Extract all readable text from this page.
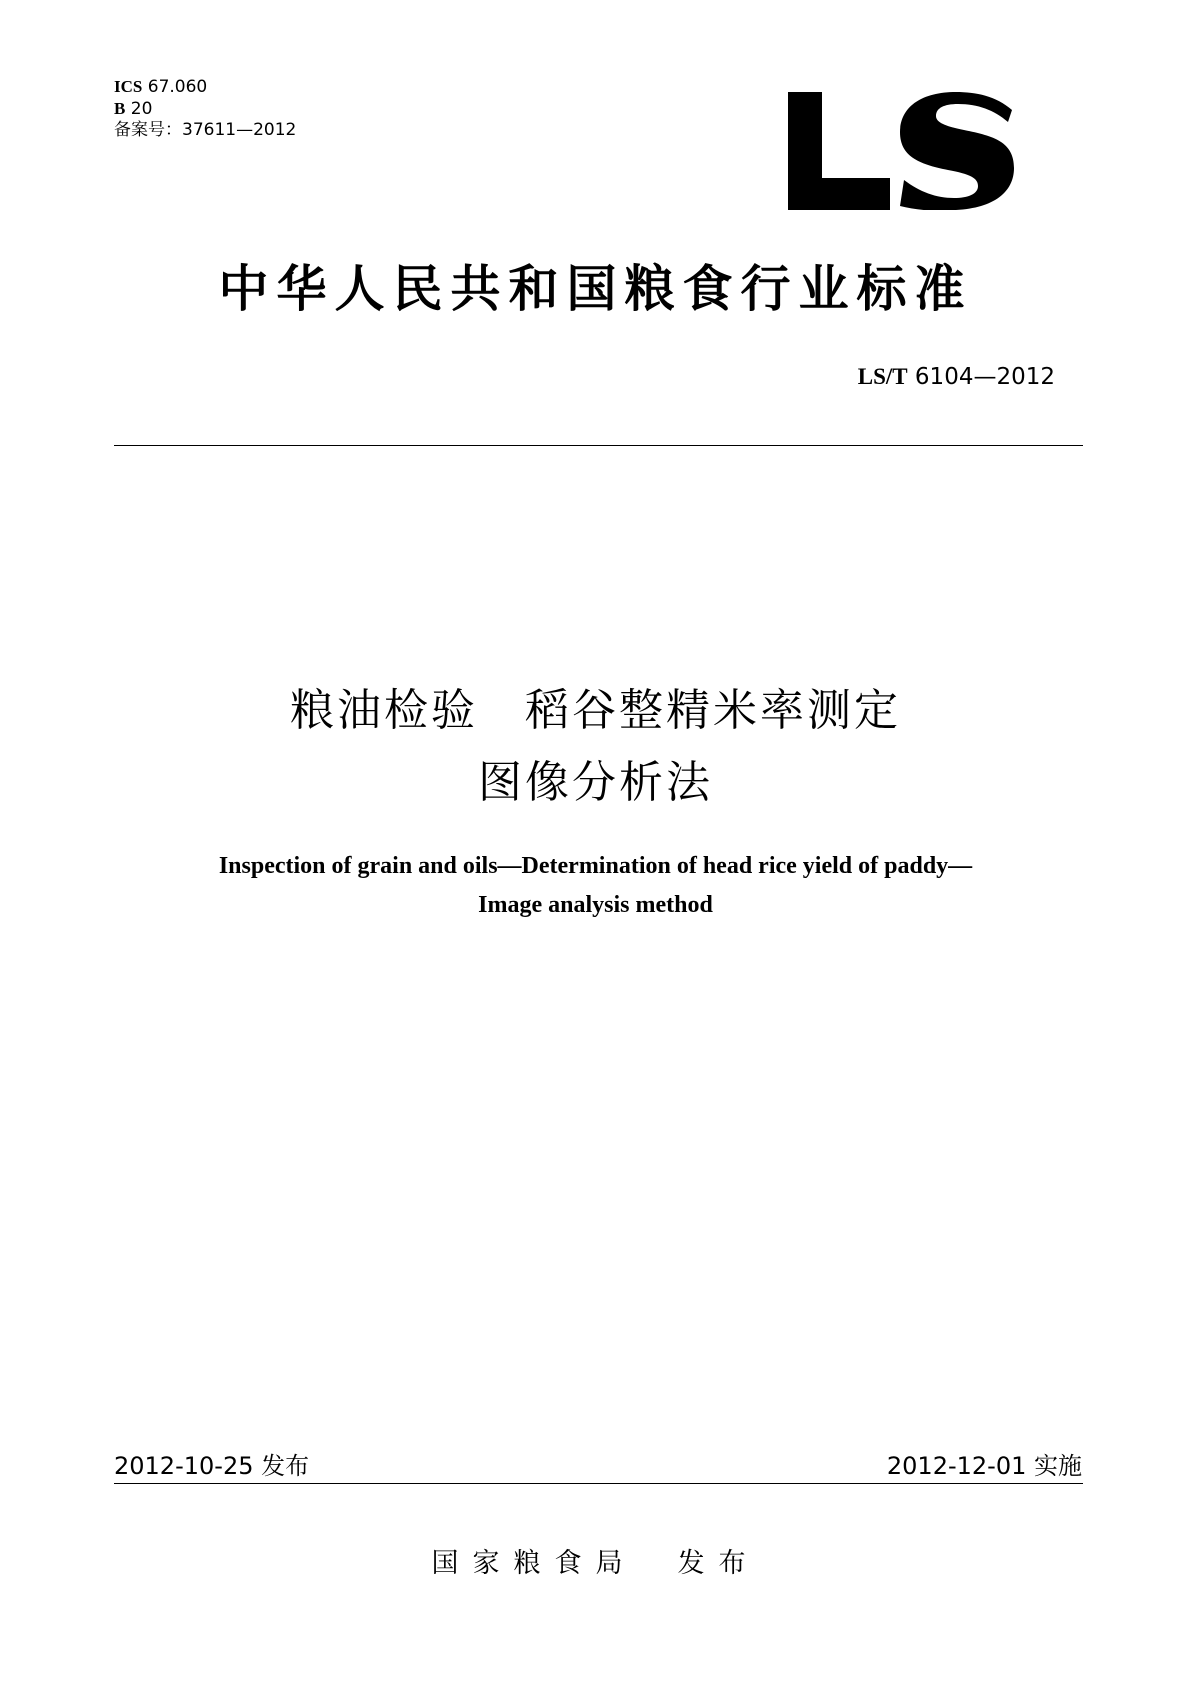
ICS 67.060
B 20
备案号：37611—2012
中华人民共和国粮食行业标准
LS/T 6104—2012
粮油检验　稻谷整精米率测定
图像分析法
Inspection of grain and oils—Determination of head rice yield of paddy—
Image analysis method
2012-10-25 发布	2012-12-01 实施
国家粮食局　发布
